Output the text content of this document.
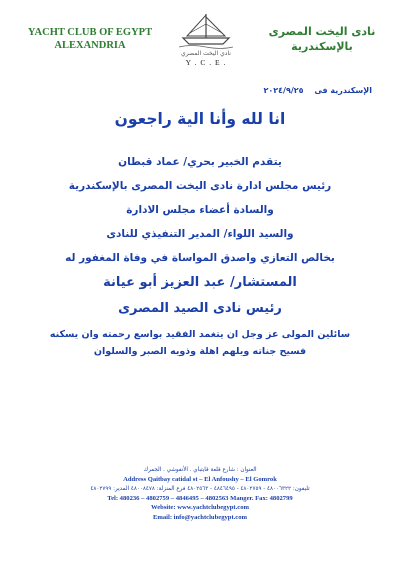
YACHT CLUB OF EGYPT
ALEXANDRIA
نادي اليخت المصري
Y . C . E .
نادى اليخت المصرى
بالإسكندرية
الإسكندرية فى ٢٠٢٤/٩/٢٥

انا لله وأنا الية راجعون

يتقدم الخبير بحري/ عماد قبطان

رئيس مجلس ادارة نادى اليخت المصرى بالإسكندرية

والسادة أعضاء مجلس الادارة

والسيد اللواء/ المدير التنفيذي للنادى

بخالص التعازي واصدق المواساة في وفاة المغفور له

المستشار/ عبد العزيز أبو عيانة

رئيس نادى الصيد المصرى

سائلين المولى عز وجل ان يتغمد الفقيد بواسع رحمته وان يسكنه

فسيح جناته ويلهم اهلة وذويه الصبر والسلوان

العنوان : شارع قلعة قايتباي . الأنفوشي . الجمرك
Address Qaitbay catidal st – El Anfoushy – El Gomrok
تليفون: ٤٨٠٠٦٣٢٢ - ٤٨٠٢٧٥٩ - ٤٨٤٦٤٩٥ - ٤٨٠٢٥٦٣ فرع المنزلة: ٤٨٠٠٨٤٧٨ المدير: ٤٨٠٢٧٩٩
Tel: 480236 – 4802759 – 4846495 – 4802563 Manger. Fax: 4802799
Website: www.yachtclubegypt.com
Email: info@yachtclubegypt.com
